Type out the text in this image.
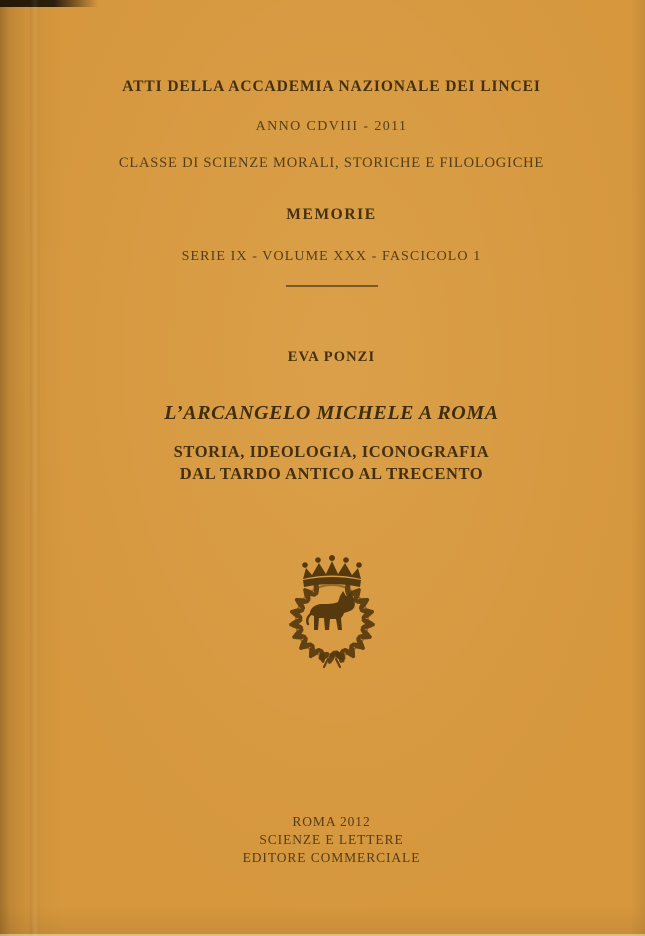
ATTI DELLA ACCADEMIA NAZIONALE DEI LINCEI
ANNO CDVIII - 2011
CLASSE DI SCIENZE MORALI, STORICHE E FILOLOGICHE
MEMORIE
SERIE IX - VOLUME XXX - FASCICOLO 1
EVA PONZI
L’ARCANGELO MICHELE A ROMA
STORIA, IDEOLOGIA, ICONOGRAFIA
DAL TARDO ANTICO AL TRECENTO
ROMA 2012
SCIENZE E LETTERE
EDITORE COMMERCIALE
